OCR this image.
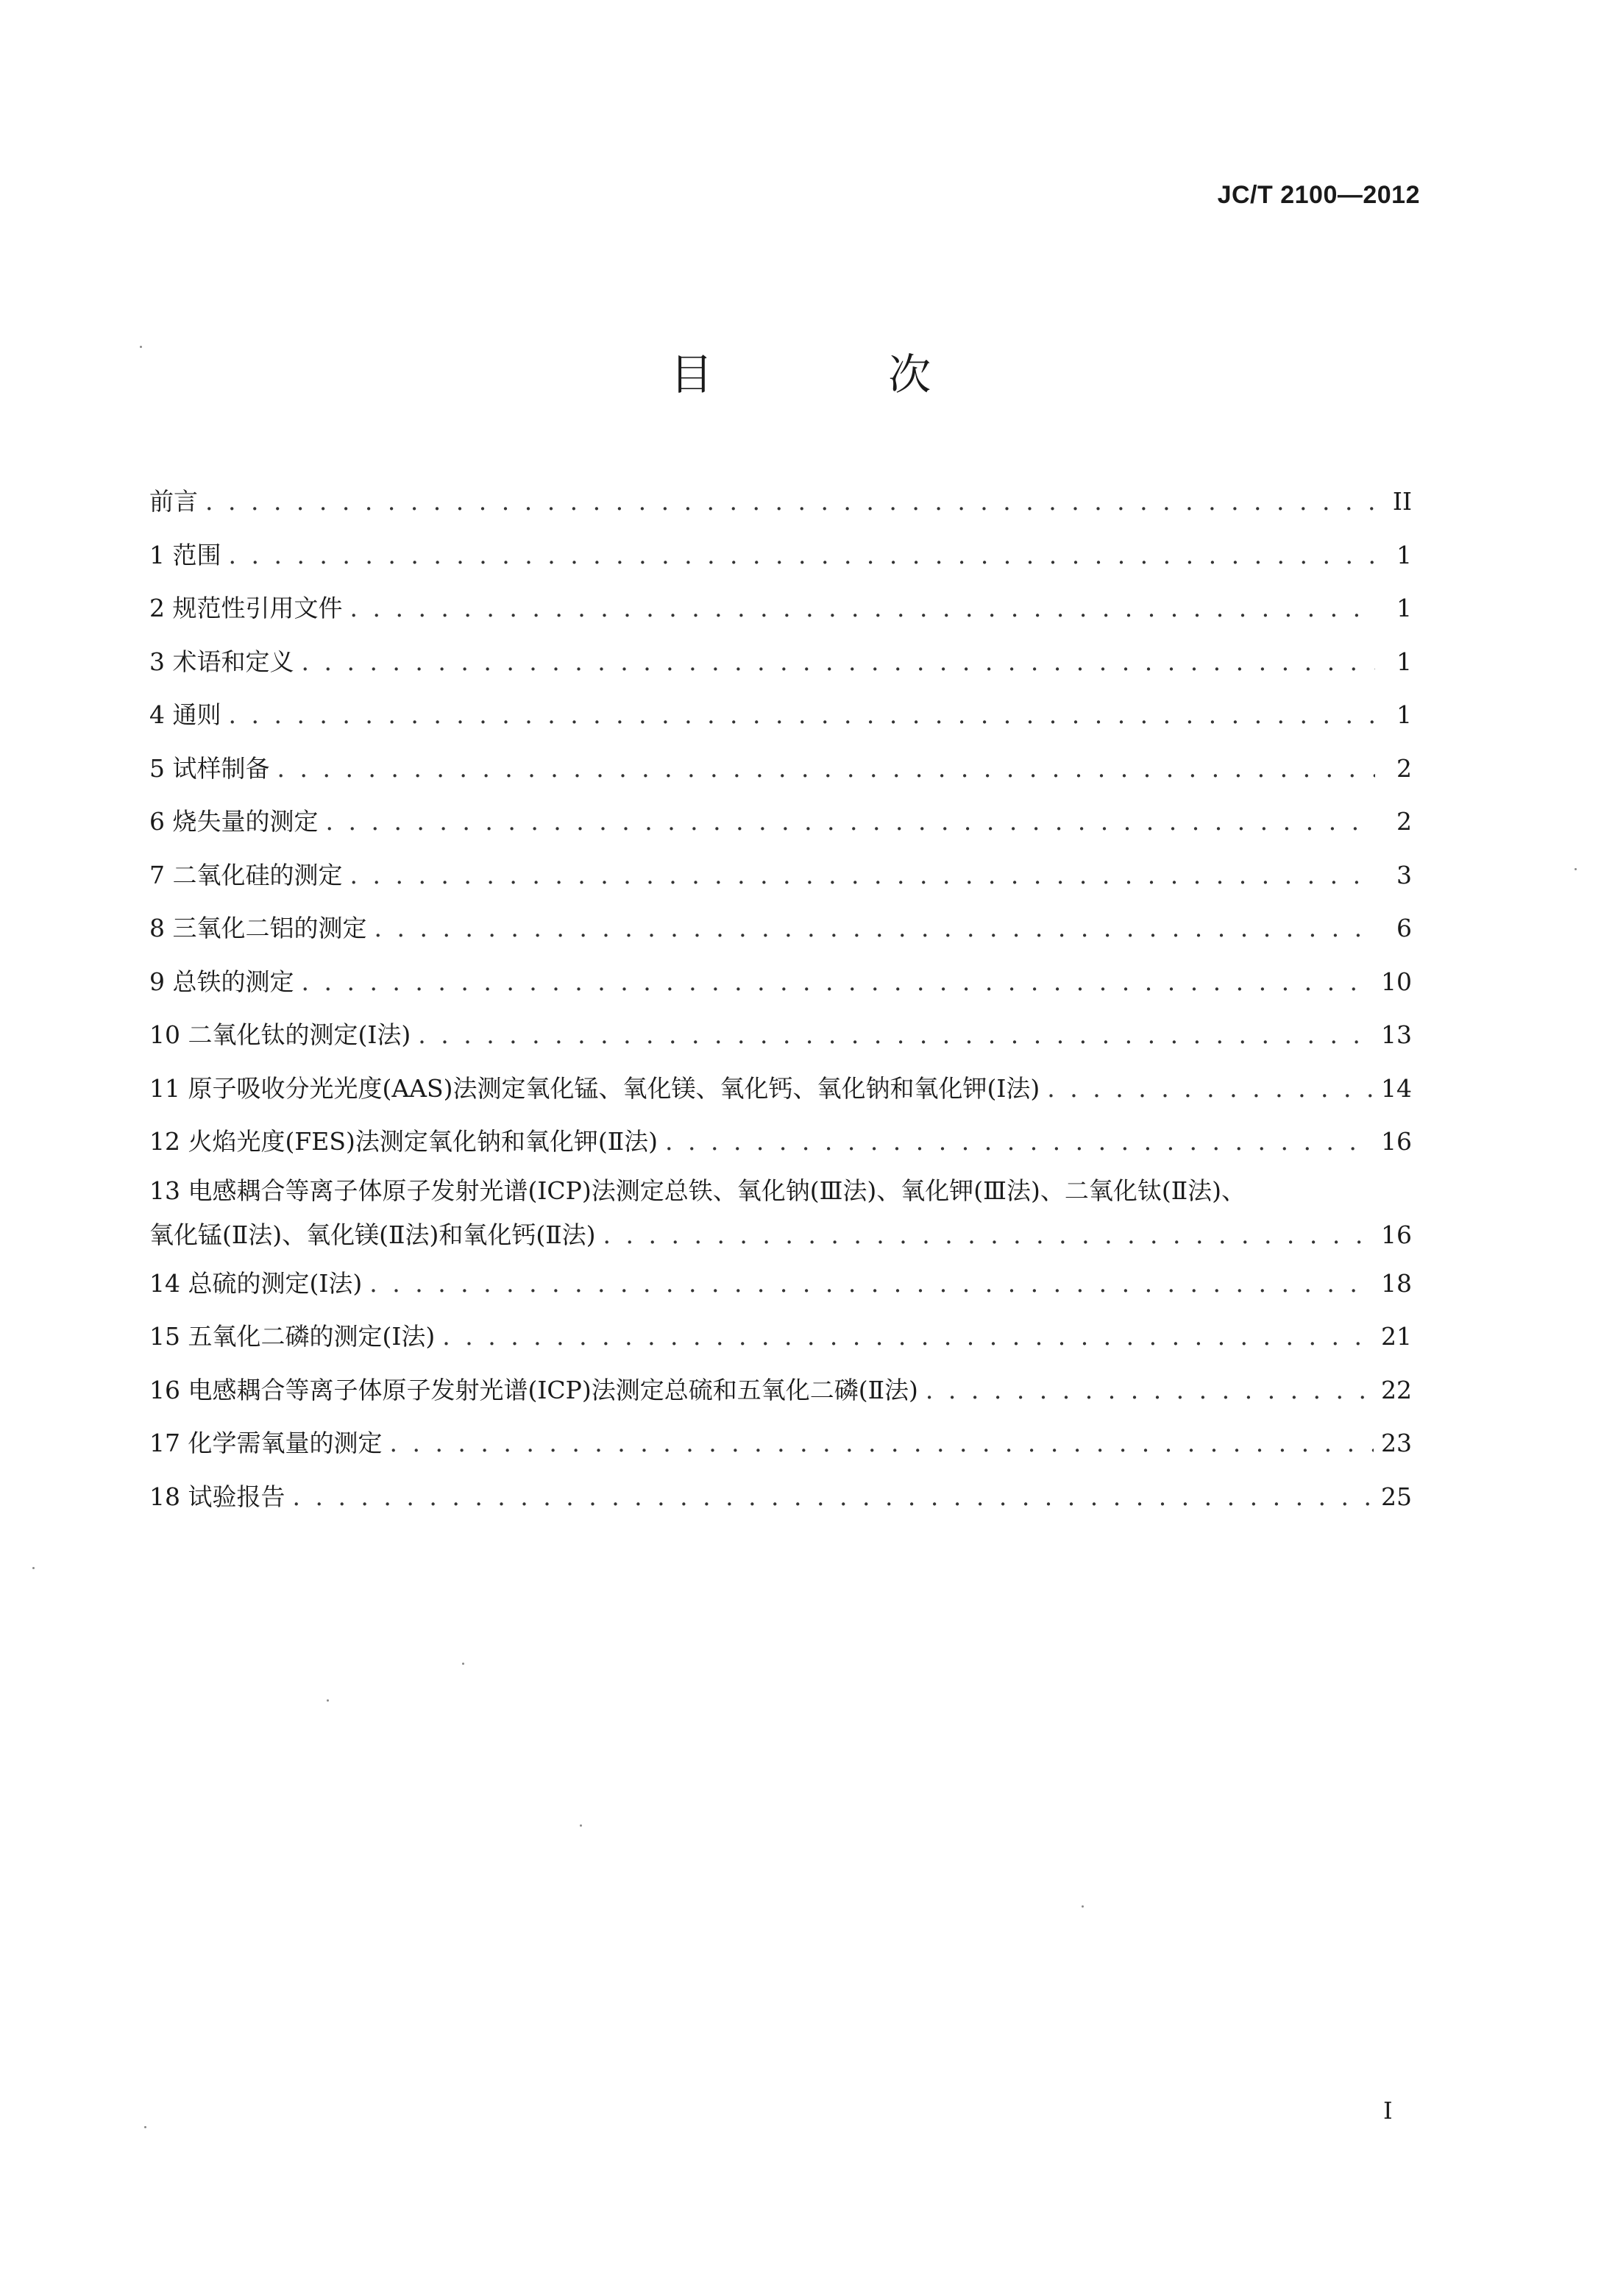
JC/T 2100—2012
目 次
前言 . . .	II
1 范围 . . .	1
2 规范性引用文件 . . .	1
3 术语和定义 . . .	1
4 通则 . . .	1
5 试样制备 . . .	2
6 烧失量的测定 . . .	2
7 二氧化硅的测定 . . .	3
8 三氧化二铝的测定 . . .	6
9 总铁的测定 . . .	10
10 二氧化钛的测定(Ⅰ法) . . .	13
11 原子吸收分光光度(AAS)法测定氧化锰、氧化镁、氧化钙、氧化钠和氧化钾(Ⅰ法) . . .	14
12 火焰光度(FES)法测定氧化钠和氧化钾(Ⅱ法) . . .	16
13 电感耦合等离子体原子发射光谱(ICP)法测定总铁、氧化钠(Ⅲ法)、氧化钾(Ⅲ法)、二氧化钛(Ⅱ法)、
氧化锰(Ⅱ法)、氧化镁(Ⅱ法)和氧化钙(Ⅱ法) . . .	16
14 总硫的测定(Ⅰ法) . . .	18
15 五氧化二磷的测定(Ⅰ法) . . .	21
16 电感耦合等离子体原子发射光谱(ICP)法测定总硫和五氧化二磷(Ⅱ法) . . .	22
17 化学需氧量的测定 . . .	23
18 试验报告 . . .	25
I
